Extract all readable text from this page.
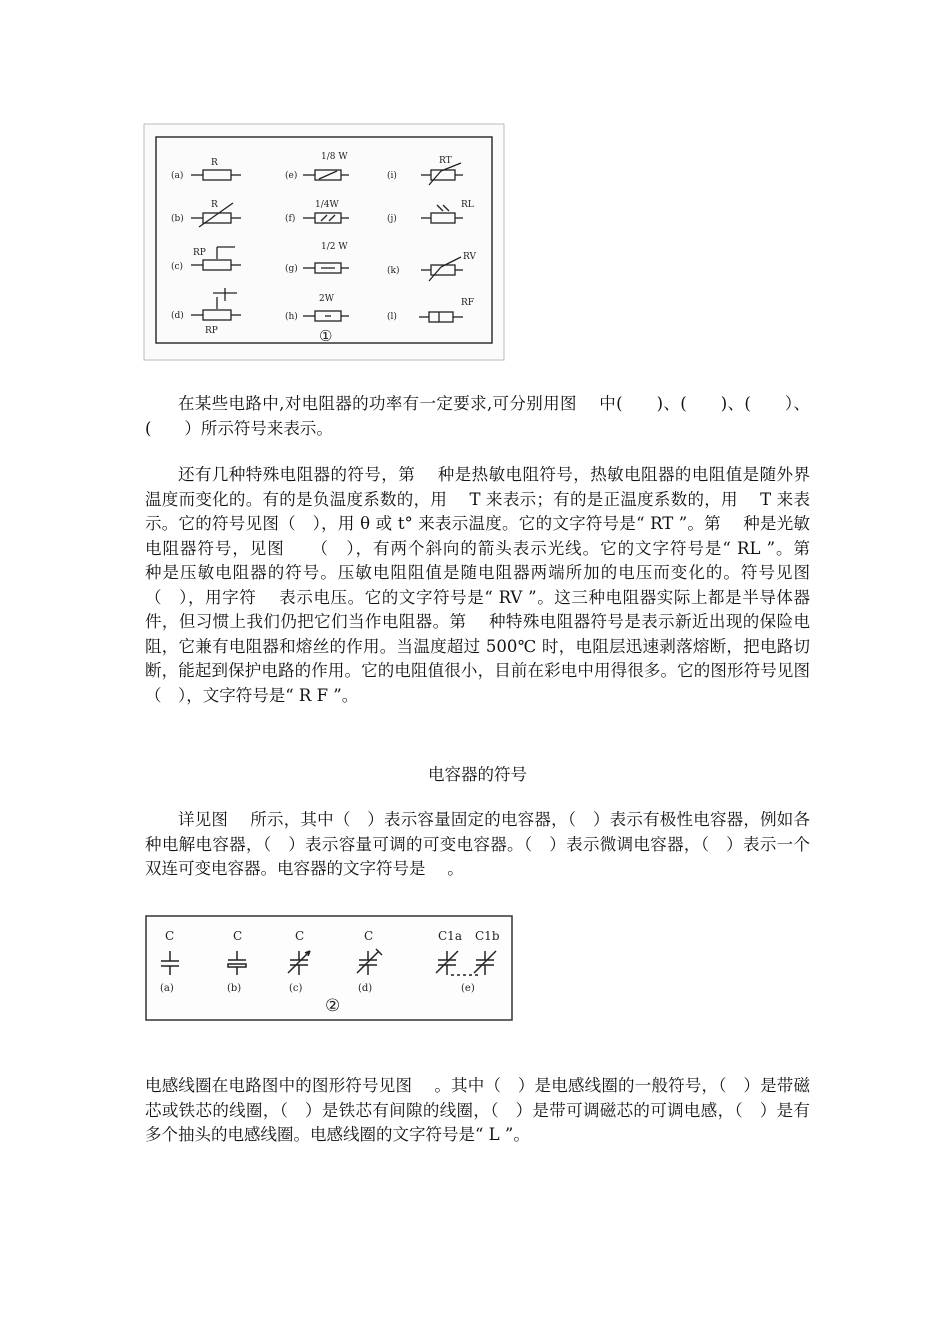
(a)
R
(b)
R
(c)
RP
(d)
RP
(e)
1/8 W
(f)
1/4W
(g)
1/2 W
(h)
2W
(i)
RT
(j)
RL
(k)
RV
(l)
RF
①

在某些电路中,对电阻器的功率有一定要求,可分别用图　 中(　　)、(　　)、(　　）、(　　）所示符号来表示。

还有几种特殊电阻器的符号，第　 种是热敏电阻符号，热敏电阻器的电阻值是随外界温度而变化的。有的是负温度系数的，用　 T 来表示；有的是正温度系数的，用　 T 来表示。它的符号见图（　），用 θ 或 t° 来表示温度。它的文字符号是“ RT ”。第　 种是光敏电阻器符号，见图　　（　），有两个斜向的箭头表示光线。它的文字符号是“ RL ”。第　 种是压敏电阻器的符号。压敏电阻阻值是随电阻器两端所加的电压而变化的。符号见图　　（　），用字符　 表示电压。它的文字符号是“ RV ”。这三种电阻器实际上都是半导体器件，但习惯上我们仍把它们当作电阻器。第　 种特殊电阻器符号是表示新近出现的保险电阻，它兼有电阻器和熔丝的作用。当温度超过 500℃ 时，电阻层迅速剥落熔断，把电路切断，能起到保护电路的作用。它的电阻值很小，目前在彩电中用得很多。它的图形符号见图　　（　），文字符号是“ R F ”。

电容器的符号

详见图　 所示，其中（　）表示容量固定的电容器，（　）表示有极性电容器，例如各种电解电容器，（　）表示容量可调的可变电容器。（　）表示微调电容器，（　）表示一个双连可变电容器。电容器的文字符号是　 。

C	C	C	C	C1a C1b
(a)	(b)	(c)	(d)	(e)
②

电感线圈在电路图中的图形符号见图　 。其中（　）是电感线圈的一般符号，（　）是带磁芯或铁芯的线圈，（　）是铁芯有间隙的线圈，（　）是带可调磁芯的可调电感，（　）是有多个抽头的电感线圈。电感线圈的文字符号是“ L ”。
